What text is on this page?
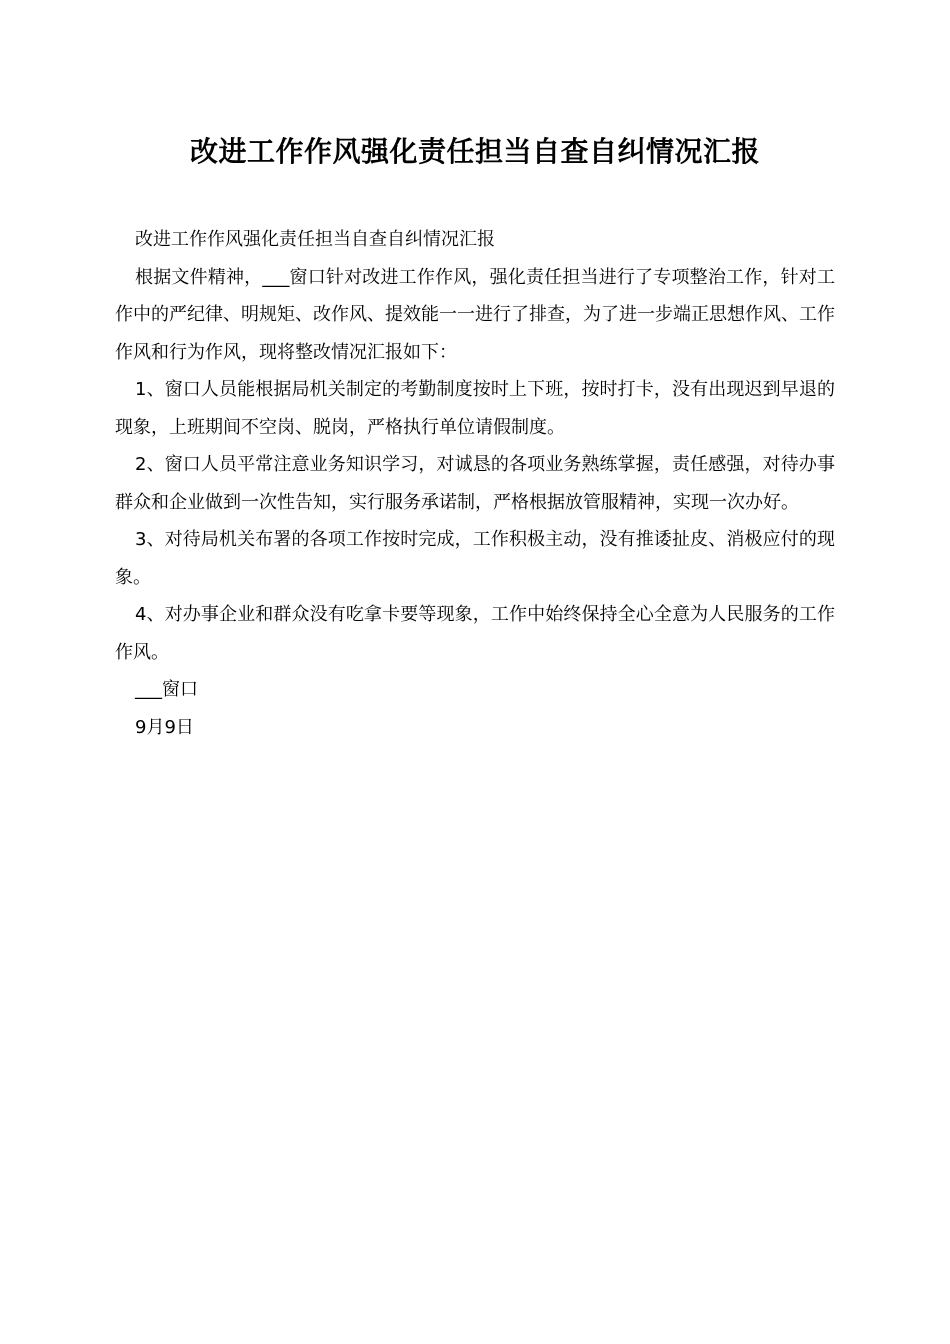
改进工作作风强化责任担当自查自纠情况汇报

改进工作作风强化责任担当自查自纠情况汇报

根据文件精神，___窗口针对改进工作作风，强化责任担当进行了专项整治工作，针对工作中的严纪律、明规矩、改作风、提效能一一进行了排查，为了进一步端正思想作风、工作作风和行为作风，现将整改情况汇报如下：

1、窗口人员能根据局机关制定的考勤制度按时上下班，按时打卡，没有出现迟到早退的现象，上班期间不空岗、脱岗，严格执行单位请假制度。

2、窗口人员平常注意业务知识学习，对诚恳的各项业务熟练掌握，责任感强，对待办事群众和企业做到一次性告知，实行服务承诺制，严格根据放管服精神，实现一次办好。

3、对待局机关布署的各项工作按时完成，工作积极主动，没有推诿扯皮、消极应付的现象。

4、对办事企业和群众没有吃拿卡要等现象，工作中始终保持全心全意为人民服务的工作作风。

___窗口

9月9日
